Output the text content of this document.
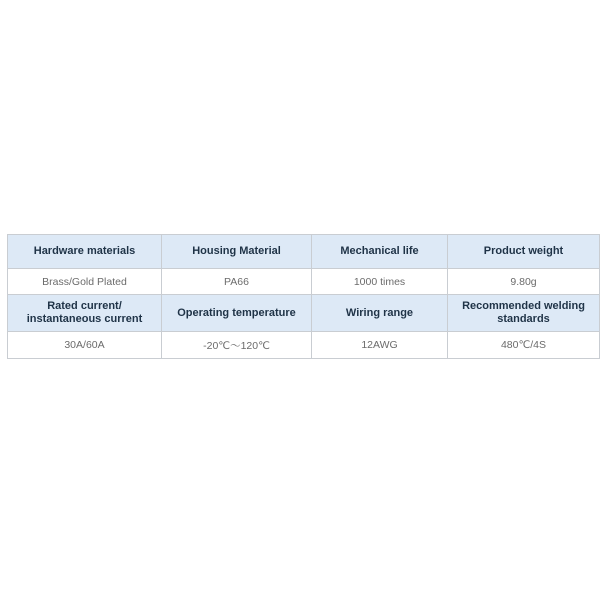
Hardware materials	Housing Material	Mechanical life	Product weight
Brass/Gold Plated	PA66	1000 times	9.80g
Rated current/ instantaneous current	Operating temperature	Wiring range	Recommended welding standards
30A/60A	-20℃～120℃	12AWG	480℃/4S
